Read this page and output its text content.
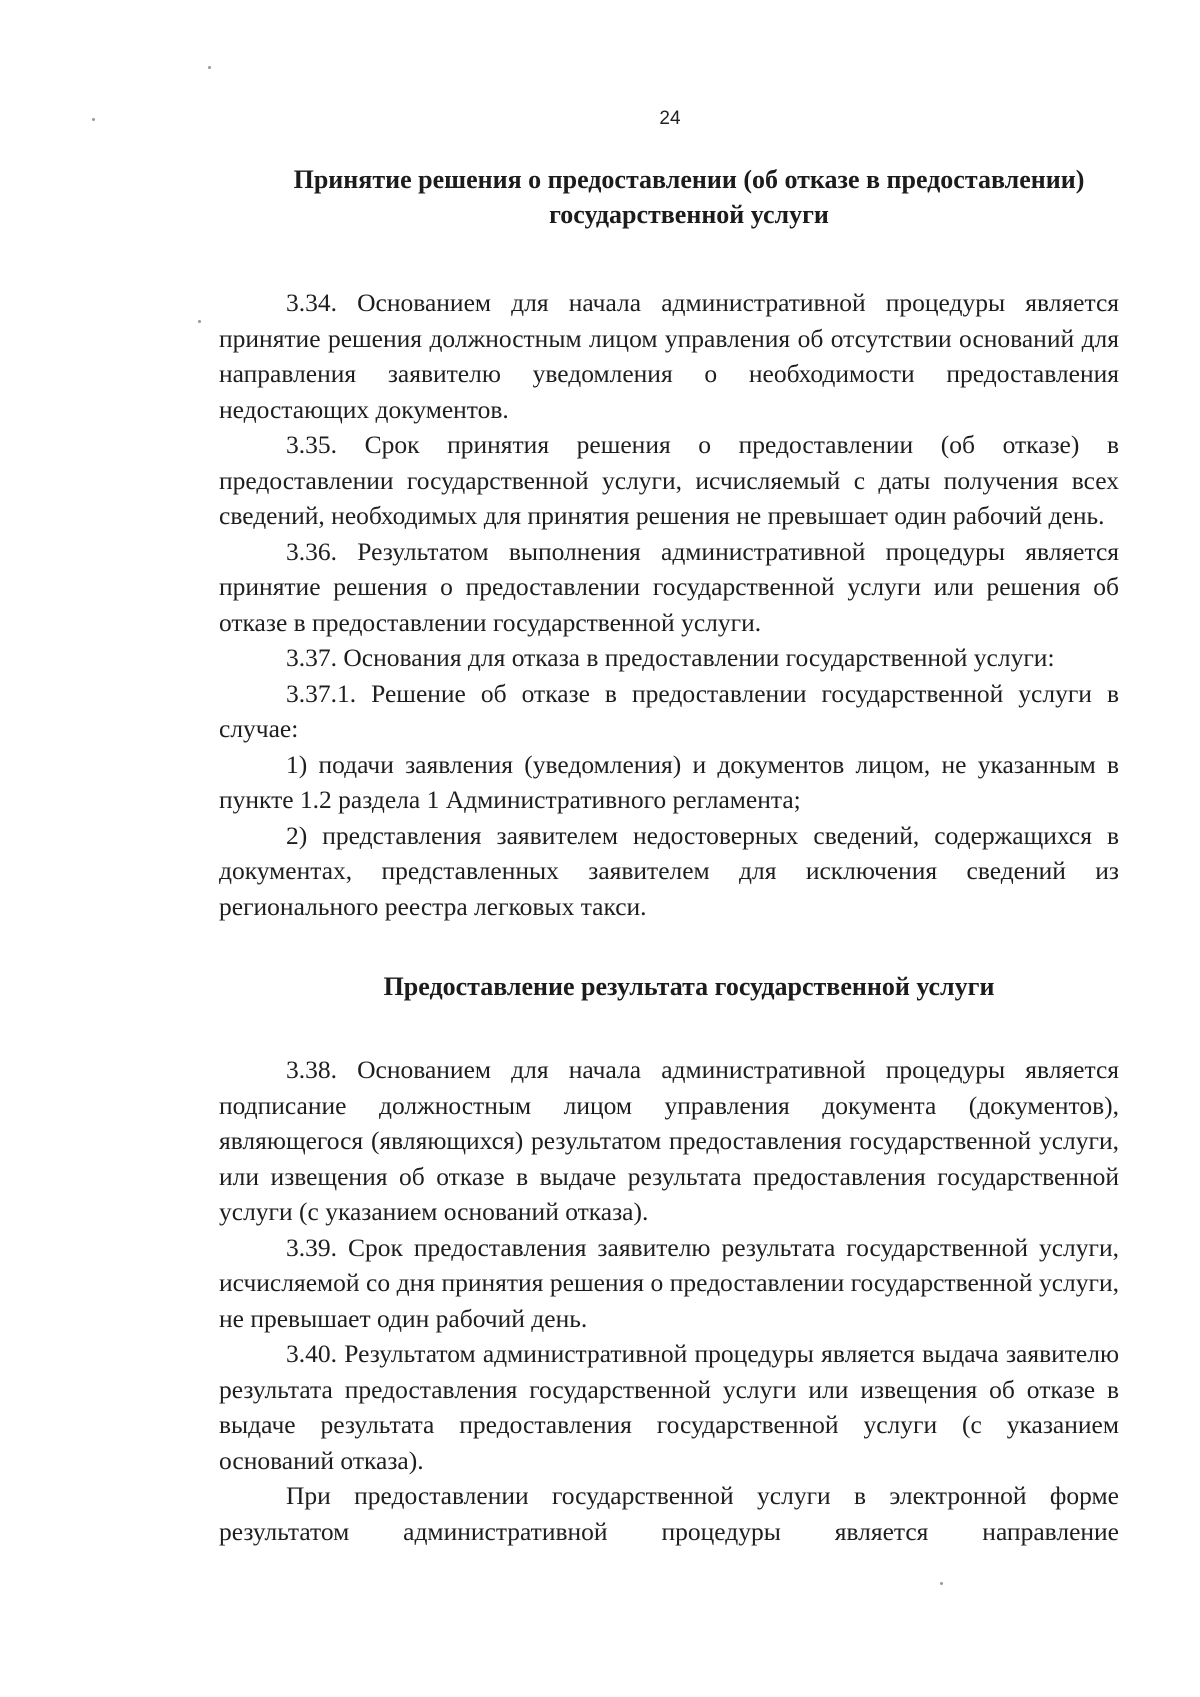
24
Принятие решения о предоставлении (об отказе в предоставлении) государственной услуги

3.34. Основанием для начала административной процедуры является принятие решения должностным лицом управления об отсутствии оснований для направления заявителю уведомления о необходимости предоставления недостающих документов.

3.35. Срок принятия решения о предоставлении (об отказе) в предоставлении государственной услуги, исчисляемый с даты получения всех сведений, необходимых для принятия решения не превышает один рабочий день.

3.36. Результатом выполнения административной процедуры является принятие решения о предоставлении государственной услуги или решения об отказе в предоставлении государственной услуги.

3.37. Основания для отказа в предоставлении государственной услуги:

3.37.1. Решение об отказе в предоставлении государственной услуги в случае:

1) подачи заявления (уведомления) и документов лицом, не указанным в пункте 1.2 раздела 1 Административного регламента;

2) представления заявителем недостоверных сведений, содержащихся в документах, представленных заявителем для исключения сведений из регионального реестра легковых такси.

Предоставление результата государственной услуги

3.38. Основанием для начала административной процедуры является подписание должностным лицом управления документа (документов), являющегося (являющихся) результатом предоставления государственной услуги, или извещения об отказе в выдаче результата предоставления государственной услуги (с указанием оснований отказа).

3.39. Срок предоставления заявителю результата государственной услуги, исчисляемой со дня принятия решения о предоставлении государственной услуги, не превышает один рабочий день.

3.40. Результатом административной процедуры является выдача заявителю результата предоставления государственной услуги или извещения об отказе в выдаче результата предоставления государственной услуги (с указанием оснований отказа).

При предоставлении государственной услуги в электронной форме результатом административной процедуры является направление
